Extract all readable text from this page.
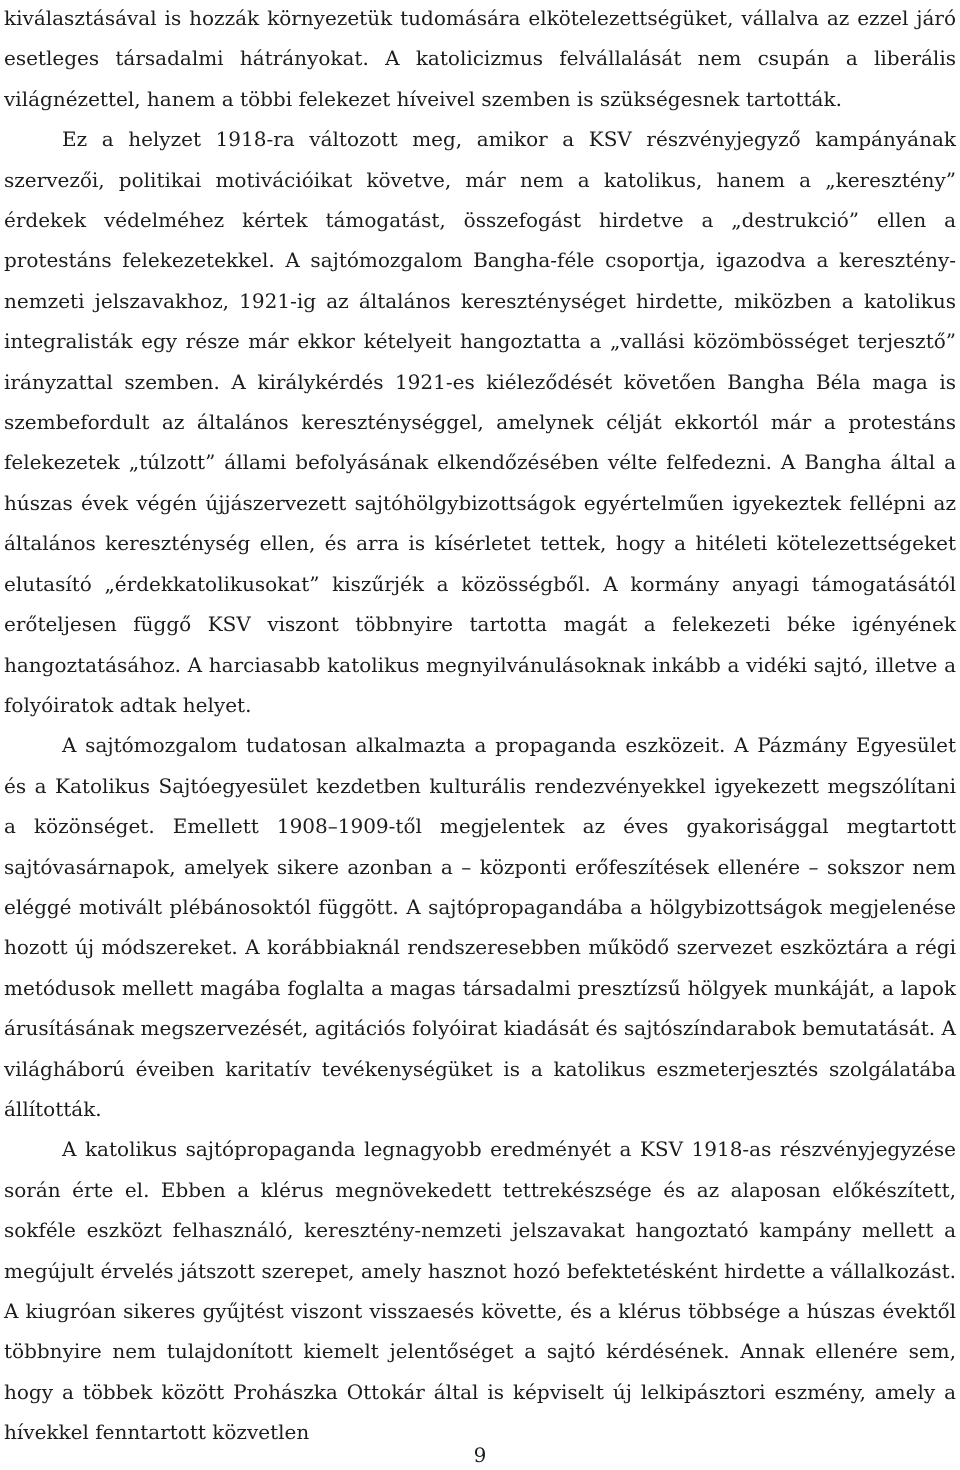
kiválasztásával is hozzák környezetük tudomására elkötelezettségüket, vállalva az ezzel járó esetleges társadalmi hátrányokat. A katolicizmus felvállalását nem csupán a liberális világnézettel, hanem a többi felekezet híveivel szemben is szükségesnek tartották.

Ez a helyzet 1918-ra változott meg, amikor a KSV részvényjegyző kampányának szervezői, politikai motivációikat követve, már nem a katolikus, hanem a „keresztény” érdekek védelméhez kértek támogatást, összefogást hirdetve a „destrukció” ellen a protestáns felekezetekkel. A sajtómozgalom Bangha-féle csoportja, igazodva a keresztény-nemzeti jelszavakhoz, 1921-ig az általános kereszténységet hirdette, miközben a katolikus integralisták egy része már ekkor kételyeit hangoztatta a „vallási közömbösséget terjesztő” irányzattal szemben. A királykérdés 1921-es kiéleződését követően Bangha Béla maga is szembefordult az általános kereszténységgel, amelynek célját ekkortól már a protestáns felekezetek „túlzott” állami befolyásának elkendőzésében vélte felfedezni. A Bangha által a húszas évek végén újjászervezett sajtóhölgybizottságok egyértelműen igyekeztek fellépni az általános kereszténység ellen, és arra is kísérletet tettek, hogy a hitéleti kötelezettségeket elutasító „érdekkatolikusokat” kiszűrjék a közösségből. A kormány anyagi támogatásától erőteljesen függő KSV viszont többnyire tartotta magát a felekezeti béke igényének hangoztatásához. A harciasabb katolikus megnyilvánulásoknak inkább a vidéki sajtó, illetve a folyóiratok adtak helyet.

A sajtómozgalom tudatosan alkalmazta a propaganda eszközeit. A Pázmány Egyesület és a Katolikus Sajtóegyesület kezdetben kulturális rendezvényekkel igyekezett megszólítani a közönséget. Emellett 1908–1909-től megjelentek az éves gyakorisággal megtartott sajtóvasárnapok, amelyek sikere azonban a – központi erőfeszítések ellenére – sokszor nem eléggé motivált plébánosoktól függött. A sajtópropagandába a hölgybizottságok megjelenése hozott új módszereket. A korábbiaknál rendszeresebben működő szervezet eszköztára a régi metódusok mellett magába foglalta a magas társadalmi presztízsű hölgyek munkáját, a lapok árusításának megszervezését, agitációs folyóirat kiadását és sajtószíndarabok bemutatását. A világháború éveiben karitatív tevékenységüket is a katolikus eszmeterjesztés szolgálatába állították.

A katolikus sajtópropaganda legnagyobb eredményét a KSV 1918-as részvényjegyzése során érte el. Ebben a klérus megnövekedett tettrekészsége és az alaposan előkészített, sokféle eszközt felhasználó, keresztény-nemzeti jelszavakat hangoztató kampány mellett a megújult érvelés játszott szerepet, amely hasznot hozó befektetésként hirdette a vállalkozást. A kiugróan sikeres gyűjtést viszont visszaesés követte, és a klérus többsége a húszas évektől többnyire nem tulajdonított kiemelt jelentőséget a sajtó kérdésének. Annak ellenére sem, hogy a többek között Prohászka Ottokár által is képviselt új lelkipásztori eszmény, amely a hívekkel fenntartott közvetlen

9
